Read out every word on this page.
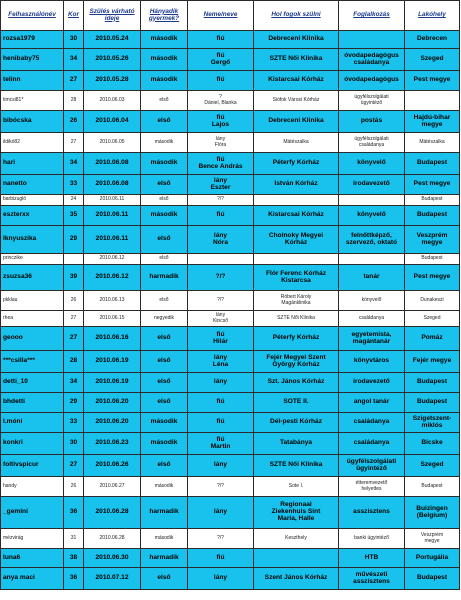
Felhasználónév	Kor	Szülés várható ideje	Hányadik gyermek?	Neme/neve	Hol fogok szülni	Foglalkozás	Lakóhely

rozsa1979	30	2010.05.24	második	fiú	Debreceni Klinika		Debrecen

henibaby75	34	2010.05.26	második	fiú
Gergő	SZTE Női Klinika	óvodapedagógus
családanya	Szeged

telinn	27	2010.05.28	második	fiú	Kistarcsai Kórház	óvodapedagógus	Pest megye

timcsi81*	28	2010.06.03	első	?
Dániel, Blanka	Siófok Városi Kórház	ügyfélszolgálati
ügyintéző	

bibócska	26	2010.06.04	első	fiú
Lajos	Debreceni Klinika	postás	Hajdú-bihar
megye

ildikó82	27	2010.06.05	második	lány
Flóra	Mátészalka	ügyfélszolgálati
családanya	Mátészalka

hari	34	2010.06.08	második	fiú
Bence András	Péterfy Kórház	könyvelő	Budapest

nanetto	33	2010.06.08	első	lány
Eszter	István Kórház	irodavezető	Pest megye

barbizugló	24	2010.06.11	első	?/?			Budapest

eszterxx	35	2010.06.11	második	fiú	Kistarcsai Kórház	könyvelő	Budapest

lknyuszika	29	2010.06.11	első	lány
Nóra	Cholnoky Megyei
Kórház	felnőttképző,
szervező, oktató	Veszprém
megye

princzike		2010.06.12	első				Budapest

zsuzsa36	39	2010.06.12	harmadik	?/?	Flór Ferenc Kórház
Kistarcsa	tanár	Pest megye

pkklau	26	2010.06.13	első	?/?	Róbert Károly
Magánklinika	könyvelő	Dunakeszi

rhea	27	2010.06.15	negyedik	lány
Kincső	SZTE Női Klinika	családanya	Szeged

geooo	27	2010.06.16	első	fiú
Hilár	Péterfy Kórház	egyetemista,
magántanár	Pomáz

***csilla***	28	2010.06.19	első	lány
Léna	Fejér Megyei Szent
György Kórház	könyvtáros	Fejér megye

detti_10	34	2010.06.19	első	lány	Szt. János Kórház	irodavezető	Budapest

bhdetti	29	2010.06.20	első	fiú	SOTE II.	angol tanár	Budapest

l.móni	33	2010.06.20	második	fiú	Dél-pesti Kórház	családanya	Szigetszent-
miklós

konkri	30	2010.06.23	második	fiú
Martin	Tatabánya	családanya	Bicske

foltivspicur	27	2010.06.26	első	lány	SZTE Női Klinika	ügyfélszolgálati
ügyintéző	Szeged

handy	26	2010.06.27	második	?/?	Sote I.	étteremvezető
helyettes	Budapest

_gemini	36	2010.06.28	harmadik	lány	Regionaal
Ziekenhuis Sint
Maria, Halle	asszisztens	Buizingen
(Belgium)

mézvirág	31	2010.06.28	második	?/?	Keszthely	banki ügyintéző	Veszprém
megye

luna6	38	2010.06.30	harmadik	fiú		HTB	Portugália

anya maci	36	2010.07.12	első	lány	Szent János Kórház	művészeti
asszisztens	Budapest
